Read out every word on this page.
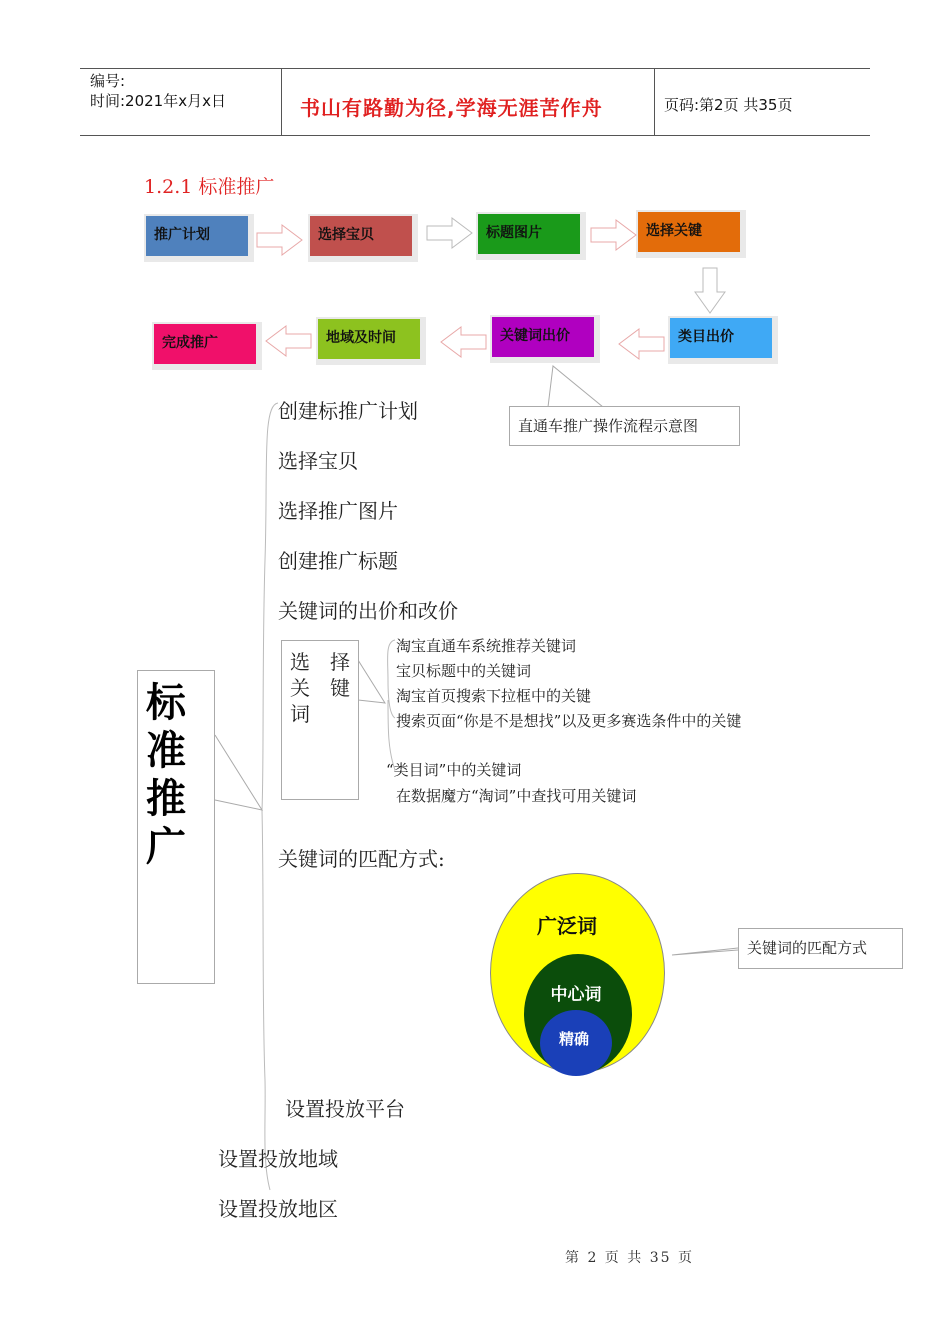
编号:
时间:2021年x月x日	书山有路勤为径,学海无涯苦作舟	页码:第2页 共35页
1.2.1 标准推广
推广计划	选择宝贝	标题图片	选择关键
类目出价
关键词出价
地域及时间
完成推广
直通车推广操作流程示意图
标
准
推
广
创建标推广计划
选择宝贝
选择推广图片
创建推广标题
关键词的出价和改价
选　择
关　键
词
淘宝直通车系统推荐关键词
宝贝标题中的关键词
淘宝首页搜索下拉框中的关键
搜索页面“你是不是想找”以及更多赛选条件中的关键
“类目词”中的关键词
在数据魔方“淘词”中查找可用关键词
关键词的匹配方式:
广泛词
中心词
精确
关键词的匹配方式
设置投放平台
设置投放地域
设置投放地区
第 2 页 共 35 页
